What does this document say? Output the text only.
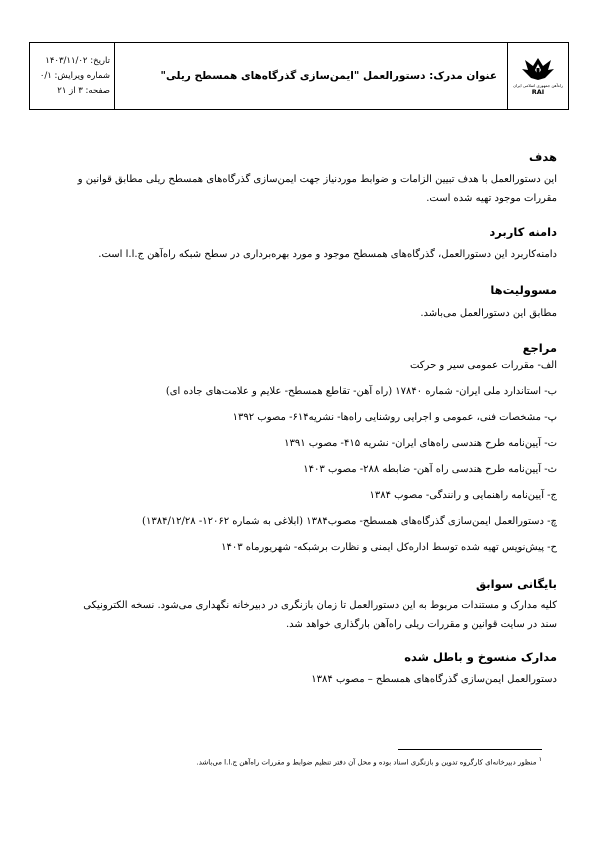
راه‌آهن جمهوری اسلامی ایران
RAI
	عنوان مدرک: دستورالعمل "ایمن‌سازی گذرگاه‌های همسطح ریلی"	
تاریخ: ۱۴۰۳/۱۱/۰۲
شماره ویرایش: ۰/۱
صفحه: ۳ از ۲۱
هدف

این دستورالعمل با هدف تبیین الزامات و ضوابط موردنیاز جهت ایمن‌سازی گذرگاه‌های همسطح ریلی مطابق قوانین و

مقررات موجود تهیه شده است.

دامنه کاربرد

دامنه‌کاربرد این دستورالعمل، گذرگاه‌های همسطح موجود و مورد بهره‌برداری در سطح شبکه راه‌آهن ج.ا.ا است.

مسوولیت‌ها

مطابق این دستورالعمل می‌باشد.

مراجع

الف- مقررات عمومی سیر و حرکت

ب- استاندارد ملی ایران- شماره ۱۷۸۴۰ (راه آهن- تقاطع همسطح- علایم و علامت‌های جاده ای)

پ- مشخصات فنی، عمومی و اجرایی روشنایی راه‌ها- نشریه۶۱۴- مصوب ۱۳۹۲

ت- آیین‌نامه طرح هندسی راه‌های ایران- نشریه ۴۱۵- مصوب ۱۳۹۱

ث- آیین‌نامه طرح هندسی راه آهن- ضابطه ۲۸۸- مصوب ۱۴۰۳

ج- آیین‌نامه راهنمایی و رانندگی- مصوب ۱۳۸۴

چ- دستورالعمل ایمن‌سازی گذرگاه‌های همسطح- مصوب۱۳۸۴ (ابلاغی به شماره ۱۲۰۶۲- ۱۳۸۴/۱۲/۲۸)

ح- پیش‌نویس تهیه شده توسط اداره‌کل ایمنی و نظارت برشبکه- شهریورماه ۱۴۰۳

بایگانی سوابق

کلیه مدارک و مستندات مربوط به این دستورالعمل تا زمان بازنگری در دبیرخانه نگهداری می‌شود. نسخه الکترونیکی

سند در سایت قوانین و مقررات ریلی راه‌آهن بارگذاری خواهد شد.

مدارک منسوخ و باطل شده

دستورالعمل ایمن‌سازی گذرگاه‌های همسطح – مصوب ۱۳۸۴

$^۱$ منظور دبیرخانه‌ای کارگروه تدوین و بازنگری اسناد بوده و محل آن دفتر تنظیم ضوابط و مقررات راه‌آهن ج.ا.ا می‌باشد.
